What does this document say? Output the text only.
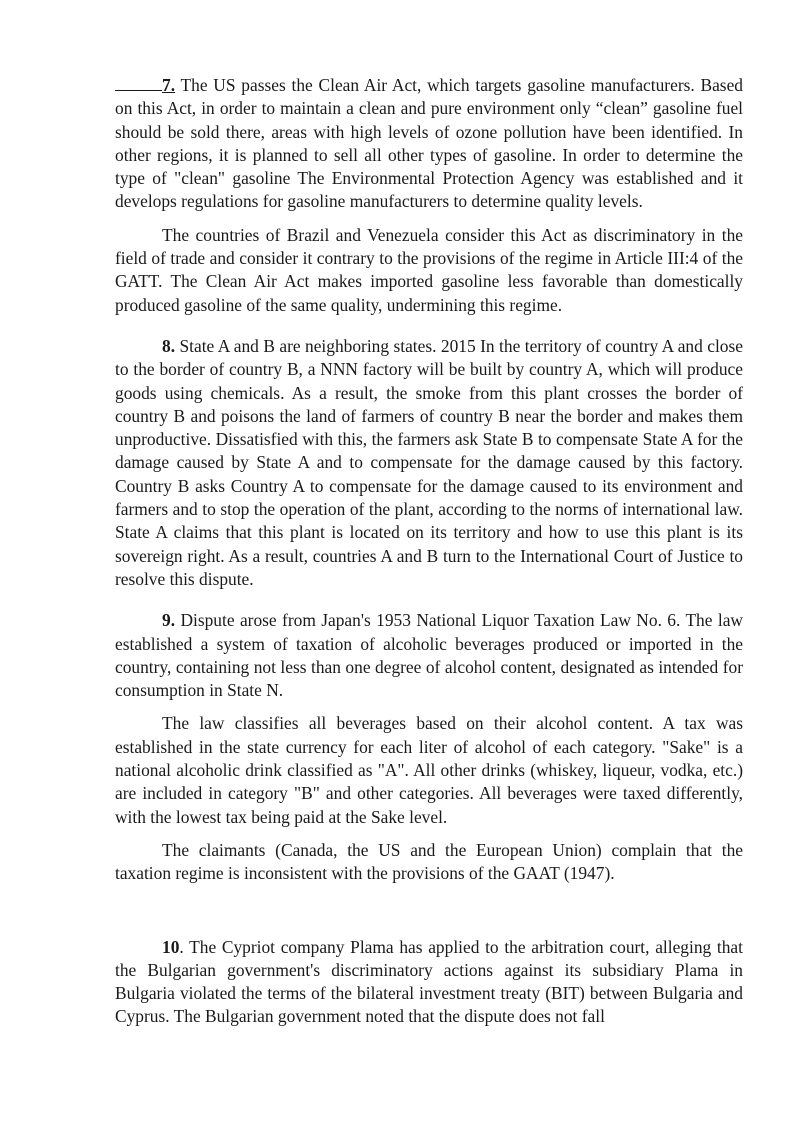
7. The US passes the Clean Air Act, which targets gasoline manufacturers. Based on this Act, in order to maintain a clean and pure environment only “clean” gasoline fuel should be sold there, areas with high levels of ozone pollution have been identified. In other regions, it is planned to sell all other types of gasoline. In order to determine the type of "clean" gasoline The Environmental Protection Agency was established and it develops regulations for gasoline manufacturers to determine quality levels.

The countries of Brazil and Venezuela consider this Act as discriminatory in the field of trade and consider it contrary to the provisions of the regime in Article III:4 of the GATT. The Clean Air Act makes imported gasoline less favorable than domestically produced gasoline of the same quality, undermining this regime.

8. State A and B are neighboring states. 2015 In the territory of country A and close to the border of country B, a NNN factory will be built by country A, which will produce goods using chemicals. As a result, the smoke from this plant crosses the border of country B and poisons the land of farmers of country B near the border and makes them unproductive. Dissatisfied with this, the farmers ask State B to compensate State A for the damage caused by State A and to compensate for the damage caused by this factory. Country B asks Country A to compensate for the damage caused to its environment and farmers and to stop the operation of the plant, according to the norms of international law. State A claims that this plant is located on its territory and how to use this plant is its sovereign right. As a result, countries A and B turn to the International Court of Justice to resolve this dispute.

9. Dispute arose from Japan's 1953 National Liquor Taxation Law No. 6. The law established a system of taxation of alcoholic beverages produced or imported in the country, containing not less than one degree of alcohol content, designated as intended for consumption in State N.

The law classifies all beverages based on their alcohol content. A tax was established in the state currency for each liter of alcohol of each category. "Sake" is a national alcoholic drink classified as "A". All other drinks (whiskey, liqueur, vodka, etc.) are included in category "B" and other categories. All beverages were taxed differently, with the lowest tax being paid at the Sake level.

The claimants (Canada, the US and the European Union) complain that the taxation regime is inconsistent with the provisions of the GAAT (1947).

10. The Cypriot company Plama has applied to the arbitration court, alleging that the Bulgarian government's discriminatory actions against its subsidiary Plama in Bulgaria violated the terms of the bilateral investment treaty (BIT) between Bulgaria and Cyprus. The Bulgarian government noted that the dispute does not fall
